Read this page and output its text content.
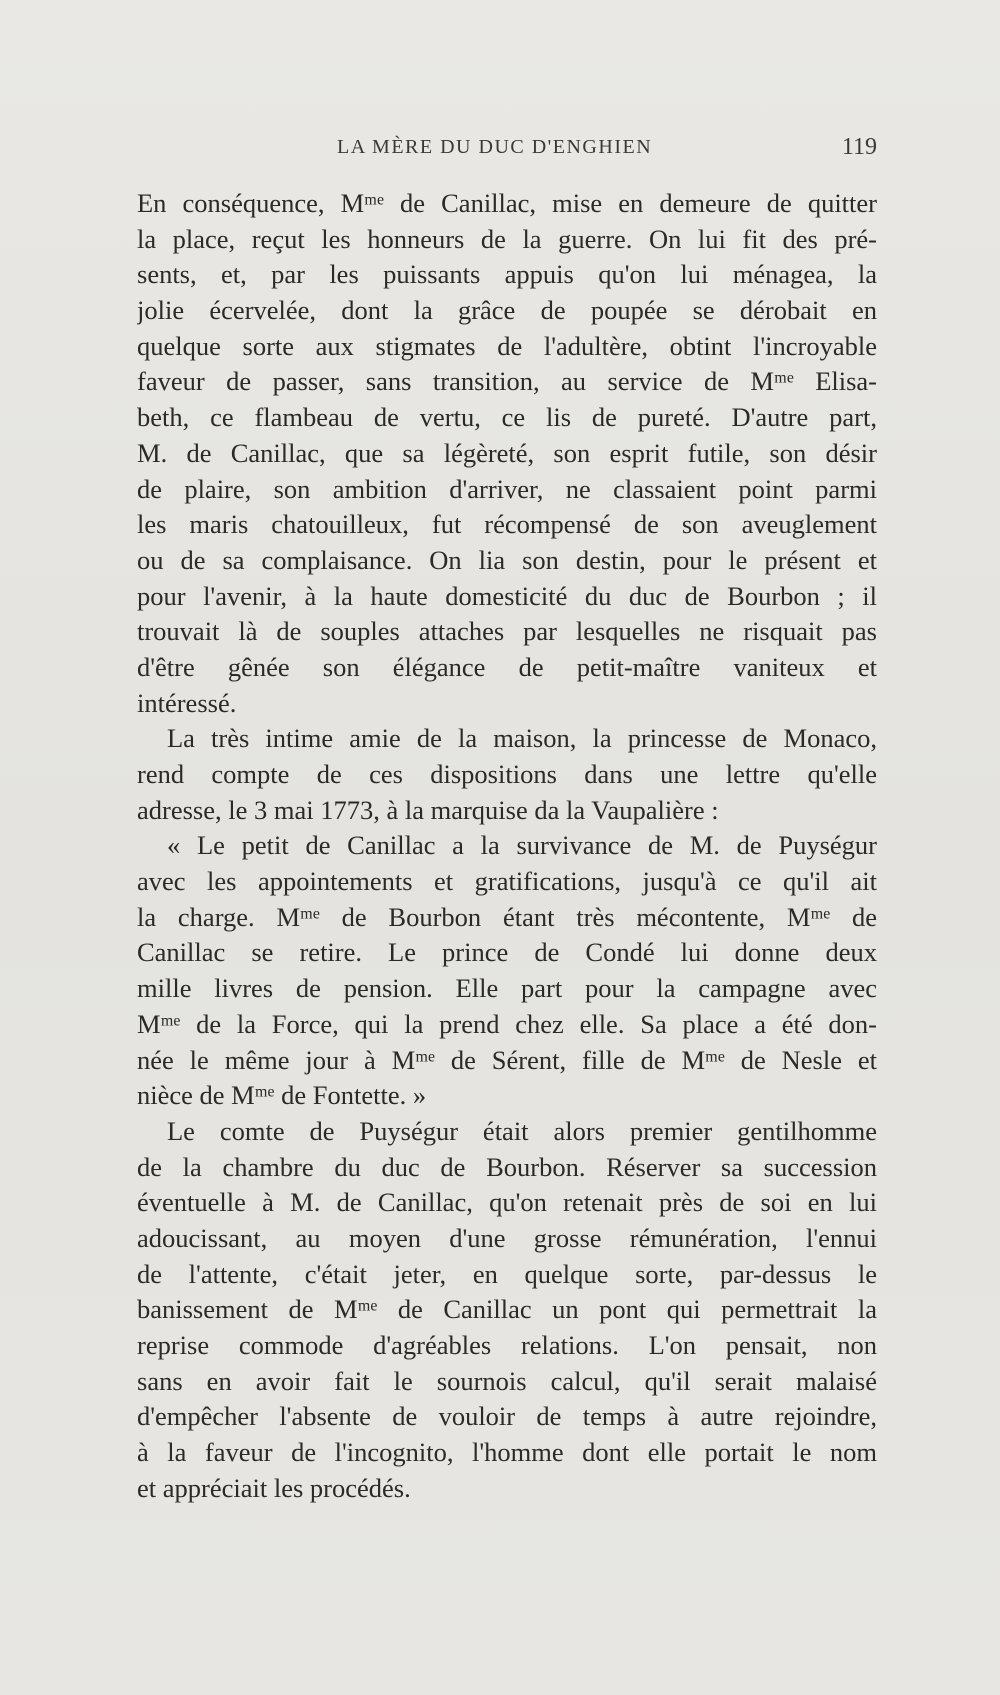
LA MÈRE DU DUC D'ENGHIEN	119
En conséquence, Mᵐᵉ de Canillac, mise en demeure de quitter
la place, reçut les honneurs de la guerre. On lui fit des pré-
sents, et, par les puissants appuis qu'on lui ménagea, la
jolie écervelée, dont la grâce de poupée se dérobait en
quelque sorte aux stigmates de l'adultère, obtint l'incroyable
faveur de passer, sans transition, au service de Mᵐᵉ Elisa-
beth, ce flambeau de vertu, ce lis de pureté. D'autre part,
M. de Canillac, que sa légèreté, son esprit futile, son désir
de plaire, son ambition d'arriver, ne classaient point parmi
les maris chatouilleux, fut récompensé de son aveuglement
ou de sa complaisance. On lia son destin, pour le présent et
pour l'avenir, à la haute domesticité du duc de Bourbon ; il
trouvait là de souples attaches par lesquelles ne risquait pas
d'être gênée son élégance de petit-maître vaniteux et
intéressé.
La très intime amie de la maison, la princesse de Monaco,
rend compte de ces dispositions dans une lettre qu'elle
adresse, le 3 mai 1773, à la marquise da la Vaupalière :
« Le petit de Canillac a la survivance de M. de Puységur
avec les appointements et gratifications, jusqu'à ce qu'il ait
la charge. Mᵐᵉ de Bourbon étant très mécontente, Mᵐᵉ de
Canillac se retire. Le prince de Condé lui donne deux
mille livres de pension. Elle part pour la campagne avec
Mᵐᵉ de la Force, qui la prend chez elle. Sa place a été don-
née le même jour à Mᵐᵉ de Sérent, fille de Mᵐᵉ de Nesle et
nièce de Mᵐᵉ de Fontette. »
Le comte de Puységur était alors premier gentilhomme
de la chambre du duc de Bourbon. Réserver sa succession
éventuelle à M. de Canillac, qu'on retenait près de soi en lui
adoucissant, au moyen d'une grosse rémunération, l'ennui
de l'attente, c'était jeter, en quelque sorte, par-dessus le
banissement de Mᵐᵉ de Canillac un pont qui permettrait la
reprise commode d'agréables relations. L'on pensait, non
sans en avoir fait le sournois calcul, qu'il serait malaisé
d'empêcher l'absente de vouloir de temps à autre rejoindre,
à la faveur de l'incognito, l'homme dont elle portait le nom
et appréciait les procédés.
